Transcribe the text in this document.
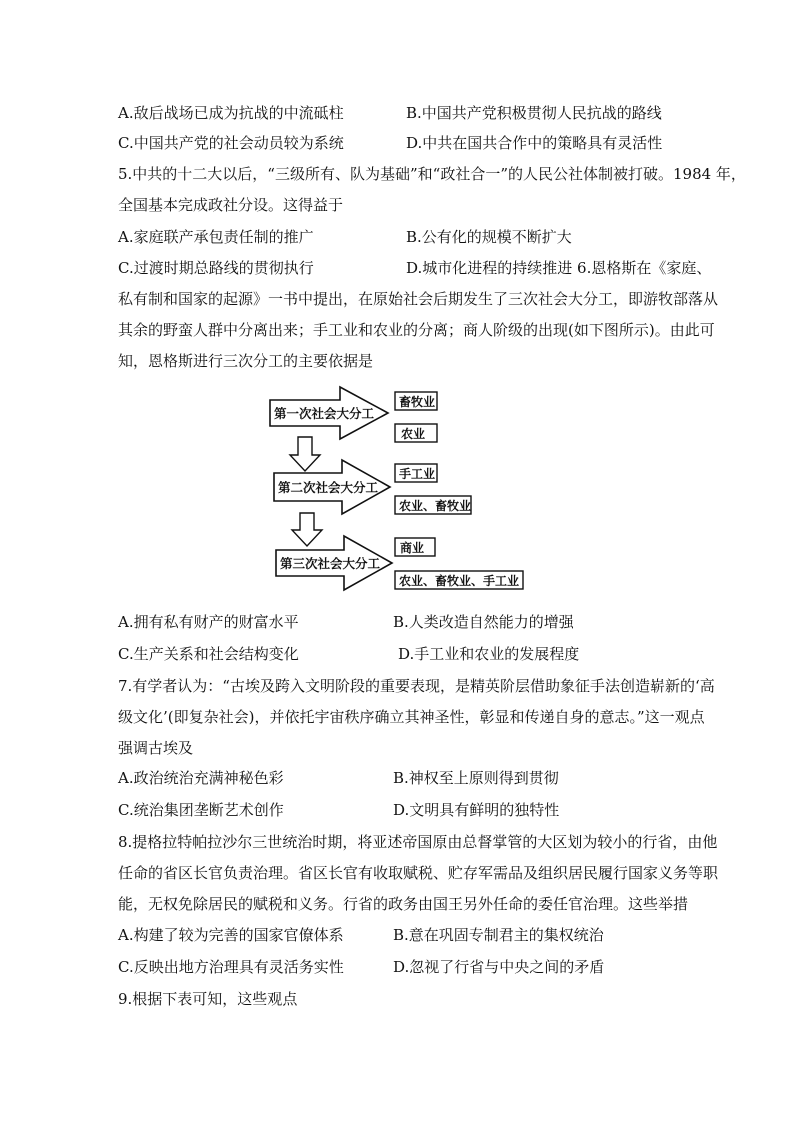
A.敌后战场已成为抗战的中流砥柱	B.中国共产党积极贯彻人民抗战的路线
C.中国共产党的社会动员较为系统	D.中共在国共合作中的策略具有灵活性
5.中共的十二大以后，“三级所有、队为基础”和“政社合一”的人民公社体制被打破。1984 年，
全国基本完成政社分设。这得益于
A.家庭联产承包责任制的推广	B.公有化的规模不断扩大
C.过渡时期总路线的贯彻执行	D.城市化进程的持续推进 6.恩格斯在《家庭、
私有制和国家的起源》一书中提出，在原始社会后期发生了三次社会大分工，即游牧部落从
其余的野蛮人群中分离出来；手工业和农业的分离；商人阶级的出现(如下图所示)。由此可
知，恩格斯进行三次分工的主要依据是
第一次社会大分工
畜牧业
农业
第二次社会大分工
手工业
农业、畜牧业
第三次社会大分工
商业
农业、畜牧业、手工业
A.拥有私有财产的财富水平	B.人类改造自然能力的增强
C.生产关系和社会结构变化	D.手工业和农业的发展程度
7.有学者认为：“古埃及跨入文明阶段的重要表现，是精英阶层借助象征手法创造崭新的‘高
级文化’(即复杂社会)，并依托宇宙秩序确立其神圣性，彰显和传递自身的意志。”这一观点
强调古埃及
A.政治统治充满神秘色彩	B.神权至上原则得到贯彻
C.统治集团垄断艺术创作	D.文明具有鲜明的独特性
8.提格拉特帕拉沙尔三世统治时期，将亚述帝国原由总督掌管的大区划为较小的行省，由他
任命的省区长官负责治理。省区长官有收取赋税、贮存军需品及组织居民履行国家义务等职
能，无权免除居民的赋税和义务。行省的政务由国王另外任命的委任官治理。这些举措
A.构建了较为完善的国家官僚体系	B.意在巩固专制君主的集权统治
C.反映出地方治理具有灵活务实性	D.忽视了行省与中央之间的矛盾
9.根据下表可知，这些观点
